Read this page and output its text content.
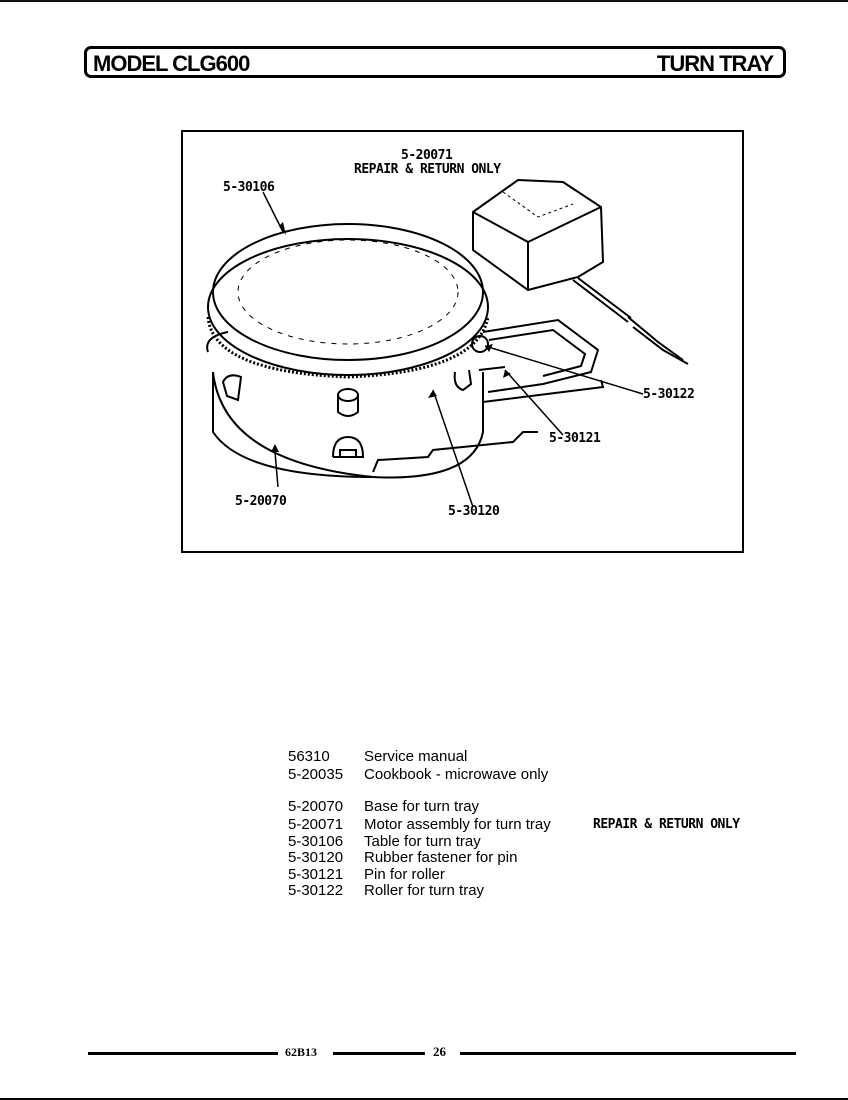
MODEL CLG600	TURN TRAY
5-20071
REPAIR & RETURN ONLY
5-30106
5-30122
5-30121
5-20070
5-30120
56310 Service manual
5-20035 Cookbook - microwave only
5-20070 Base for turn tray
5-20071 Motor assembly for turn tray	REPAIR & RETURN ONLY
5-30106 Table for turn tray
5-30120 Rubber fastener for pin
5-30121 Pin for roller
5-30122 Roller for turn tray
62B13	26
